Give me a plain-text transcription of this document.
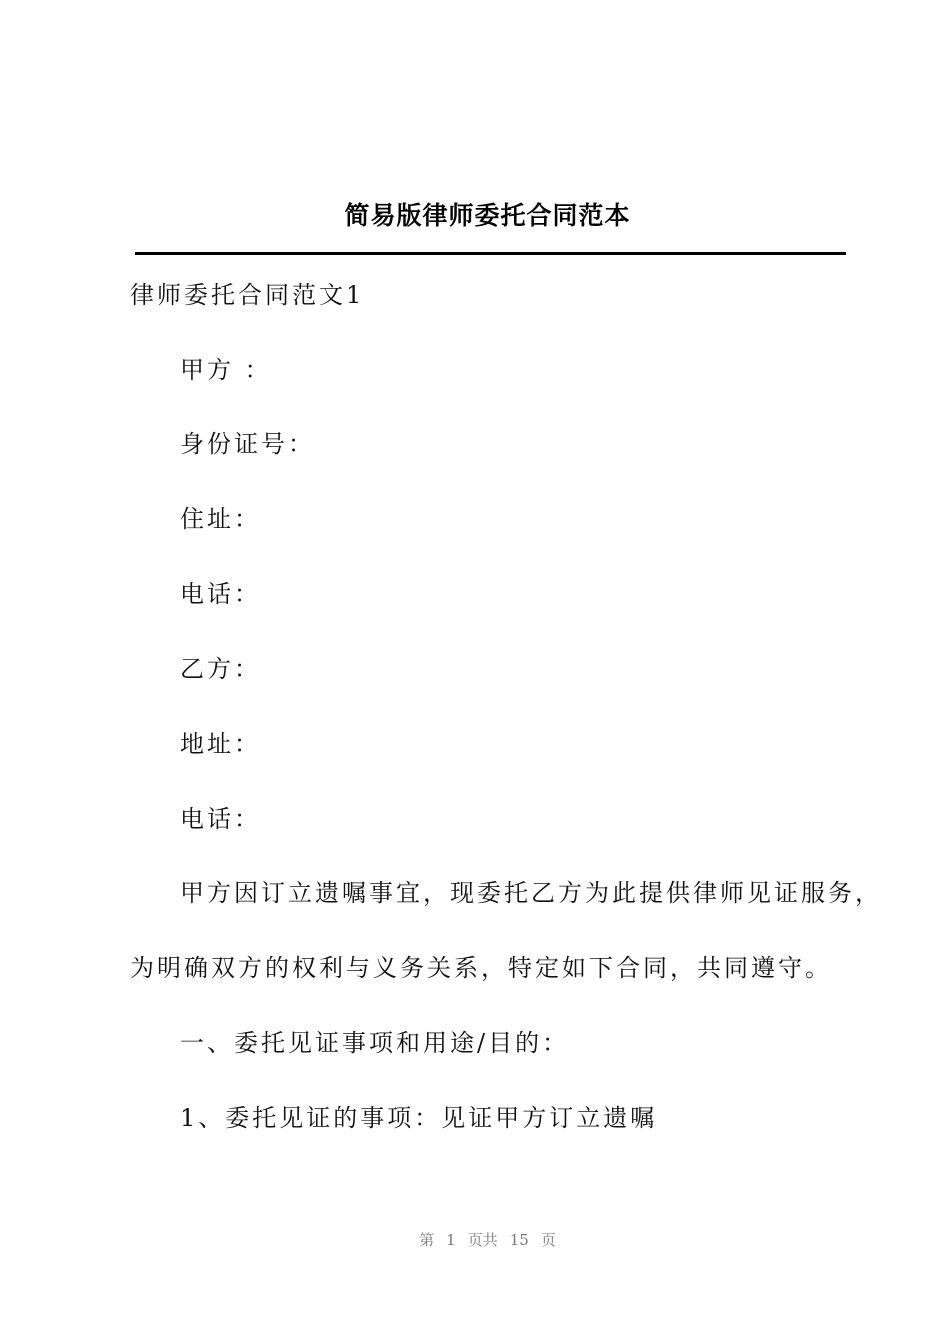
简易版律师委托合同范本
律师委托合同范文1
甲方 ：
身份证号：
住址：
电话：
乙方：
地址：
电话：
甲方因订立遗嘱事宜，现委托乙方为此提供律师见证服务，
为明确双方的权利与义务关系，特定如下合同，共同遵守。
一、委托见证事项和用途/目的：
1、委托见证的事项：见证甲方订立遗嘱
第 1 页共 15 页
